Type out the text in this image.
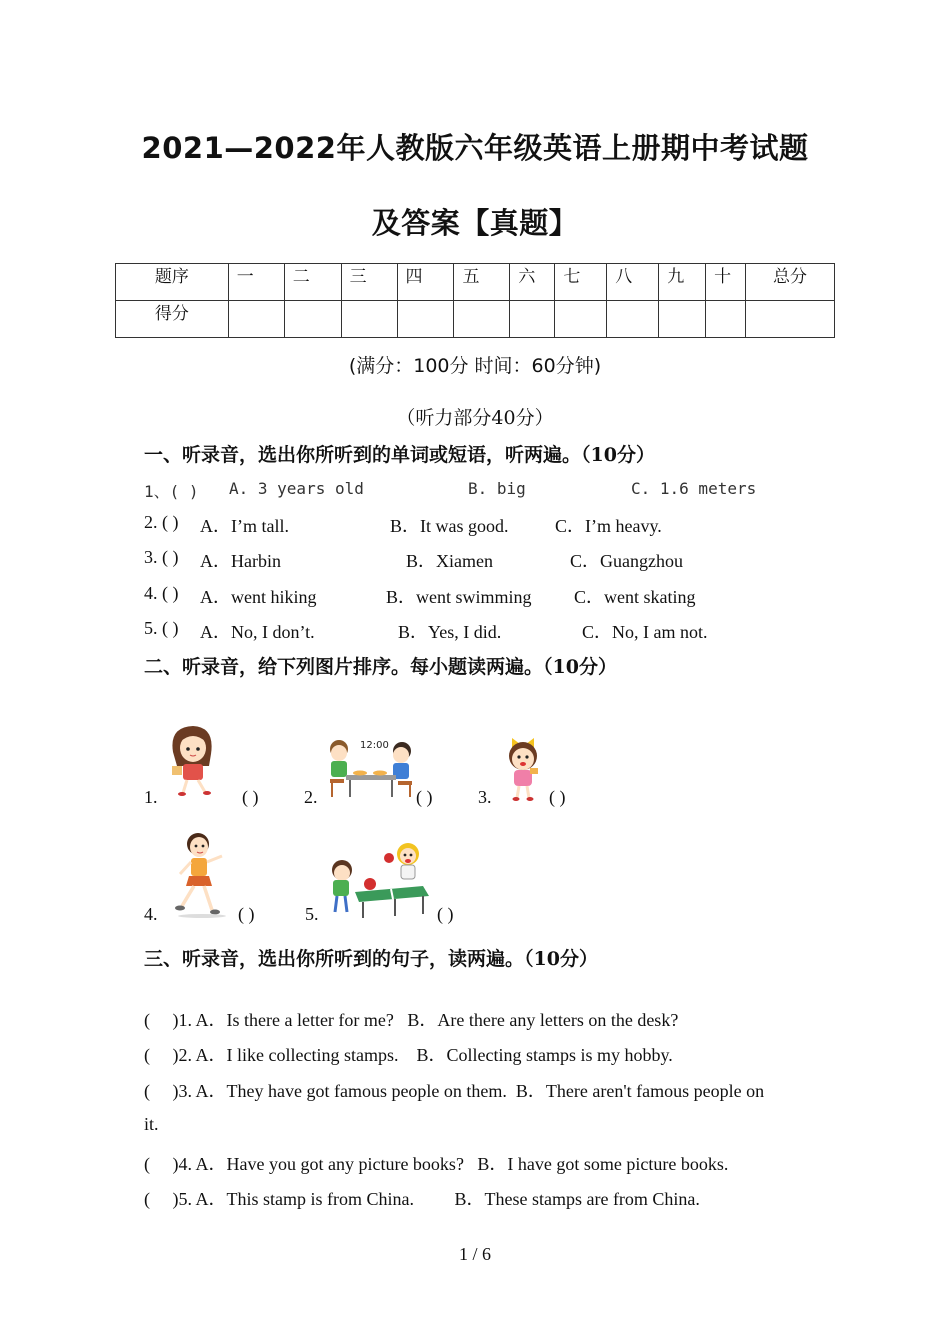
2021—2022年人教版六年级英语上册期中考试题
及答案【真题】
题序	一	二	三	四	五	六	七	八	九	十	总分
得分											
(满分：100分 时间：60分钟)
（听力部分40分）
一、听录音，选出你所听到的单词或短语，听两遍。（10分）
1、( ) A. 3 years old	B. big	C. 1.6 meters
2. ( ) A．I’m tall.	B．It was good.	C．I’m heavy.
3. ( ) A．Harbin	B．Xiamen	C．Guangzhou
4. ( ) A．went hiking	B．went swimming C．went skating
5. ( ) A．No, I don’t.	B．Yes, I did.	C．No, I am not.
二、听录音，给下列图片排序。每小题读两遍。（10分）
1.	( )
12:00
2.	( )	3.	( )
4.	( )	5.	( )
三、听录音，选出你所听到的句子，读两遍。（10分）
(     )1. A．Is there a letter for me?   B．Are there any letters on the desk?
(     )2. A．I like collecting stamps.    B．Collecting stamps is my hobby.
(     )3. A．They have got famous people on them.  B．There aren't famous people on
it.
(     )4. A．Have you got any picture books?   B．I have got some picture books.
(     )5. A．This stamp is from China.         B．These stamps are from China.
1 / 6
